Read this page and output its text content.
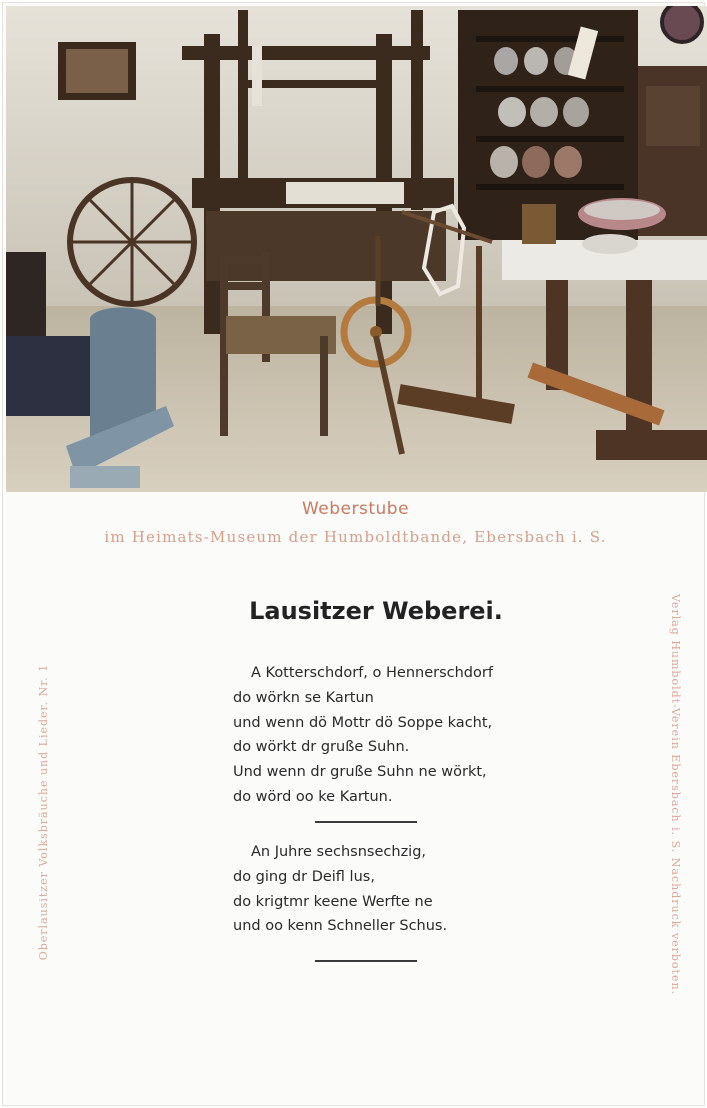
Weberstube
im Heimats-Museum der Humboldtbande, Ebersbach i. S.
Lausitzer Weberei.
A Kotterschdorf, o Hennerschdorf
do wörkn se Kartun
und wenn dö Mottr dö Soppe kacht,
do wörkt dr gruße Suhn.
Und wenn dr gruße Suhn ne wörkt,
do wörd oo ke Kartun.
An Juhre sechsnsechzig,
do ging dr Deifl lus,
do krigtmr keene Werfte ne
und oo kenn Schneller Schus.
Oberlausitzer Volksbräuche und Lieder. Nr. 1	Verlag Humboldt-Verein Ebersbach i. S. Nachdruck verboten.
